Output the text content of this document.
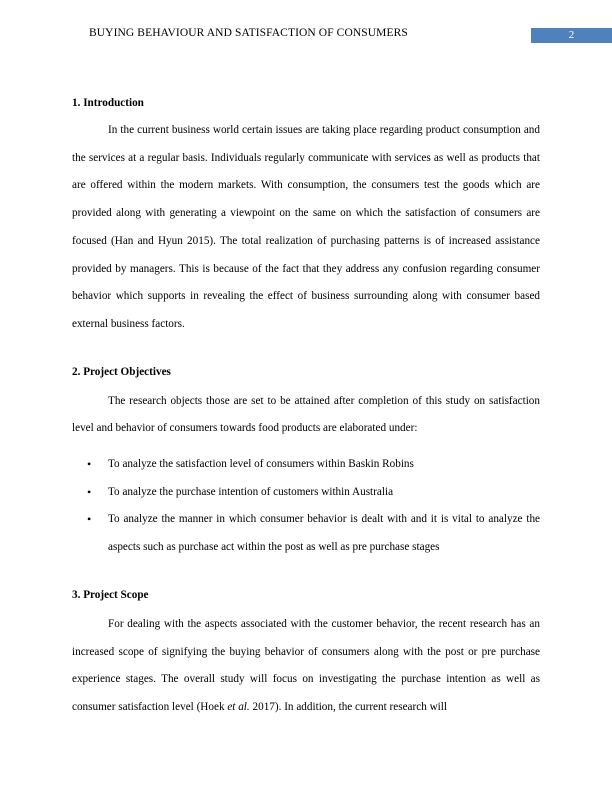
BUYING BEHAVIOUR AND SATISFACTION OF CONSUMERS	2
1. Introduction

In the current business world certain issues are taking place regarding product consumption and the services at a regular basis. Individuals regularly communicate with services as well as products that are offered within the modern markets. With consumption, the consumers test the goods which are provided along with generating a viewpoint on the same on which the satisfaction of consumers are focused (Han and Hyun 2015). The total realization of purchasing patterns is of increased assistance provided by managers. This is because of the fact that they address any confusion regarding consumer behavior which supports in revealing the effect of business surrounding along with consumer based external business factors.

2. Project Objectives

The research objects those are set to be attained after completion of this study on satisfaction level and behavior of consumers towards food products are elaborated under:

• To analyze the satisfaction level of consumers within Baskin Robins
• To analyze the purchase intention of customers within Australia
• To analyze the manner in which consumer behavior is dealt with and it is vital to analyze the aspects such as purchase act within the post as well as pre purchase stages
3. Project Scope

For dealing with the aspects associated with the customer behavior, the recent research has an increased scope of signifying the buying behavior of consumers along with the post or pre purchase experience stages. The overall study will focus on investigating the purchase intention as well as consumer satisfaction level (Hoek et al. 2017). In addition, the current research will
